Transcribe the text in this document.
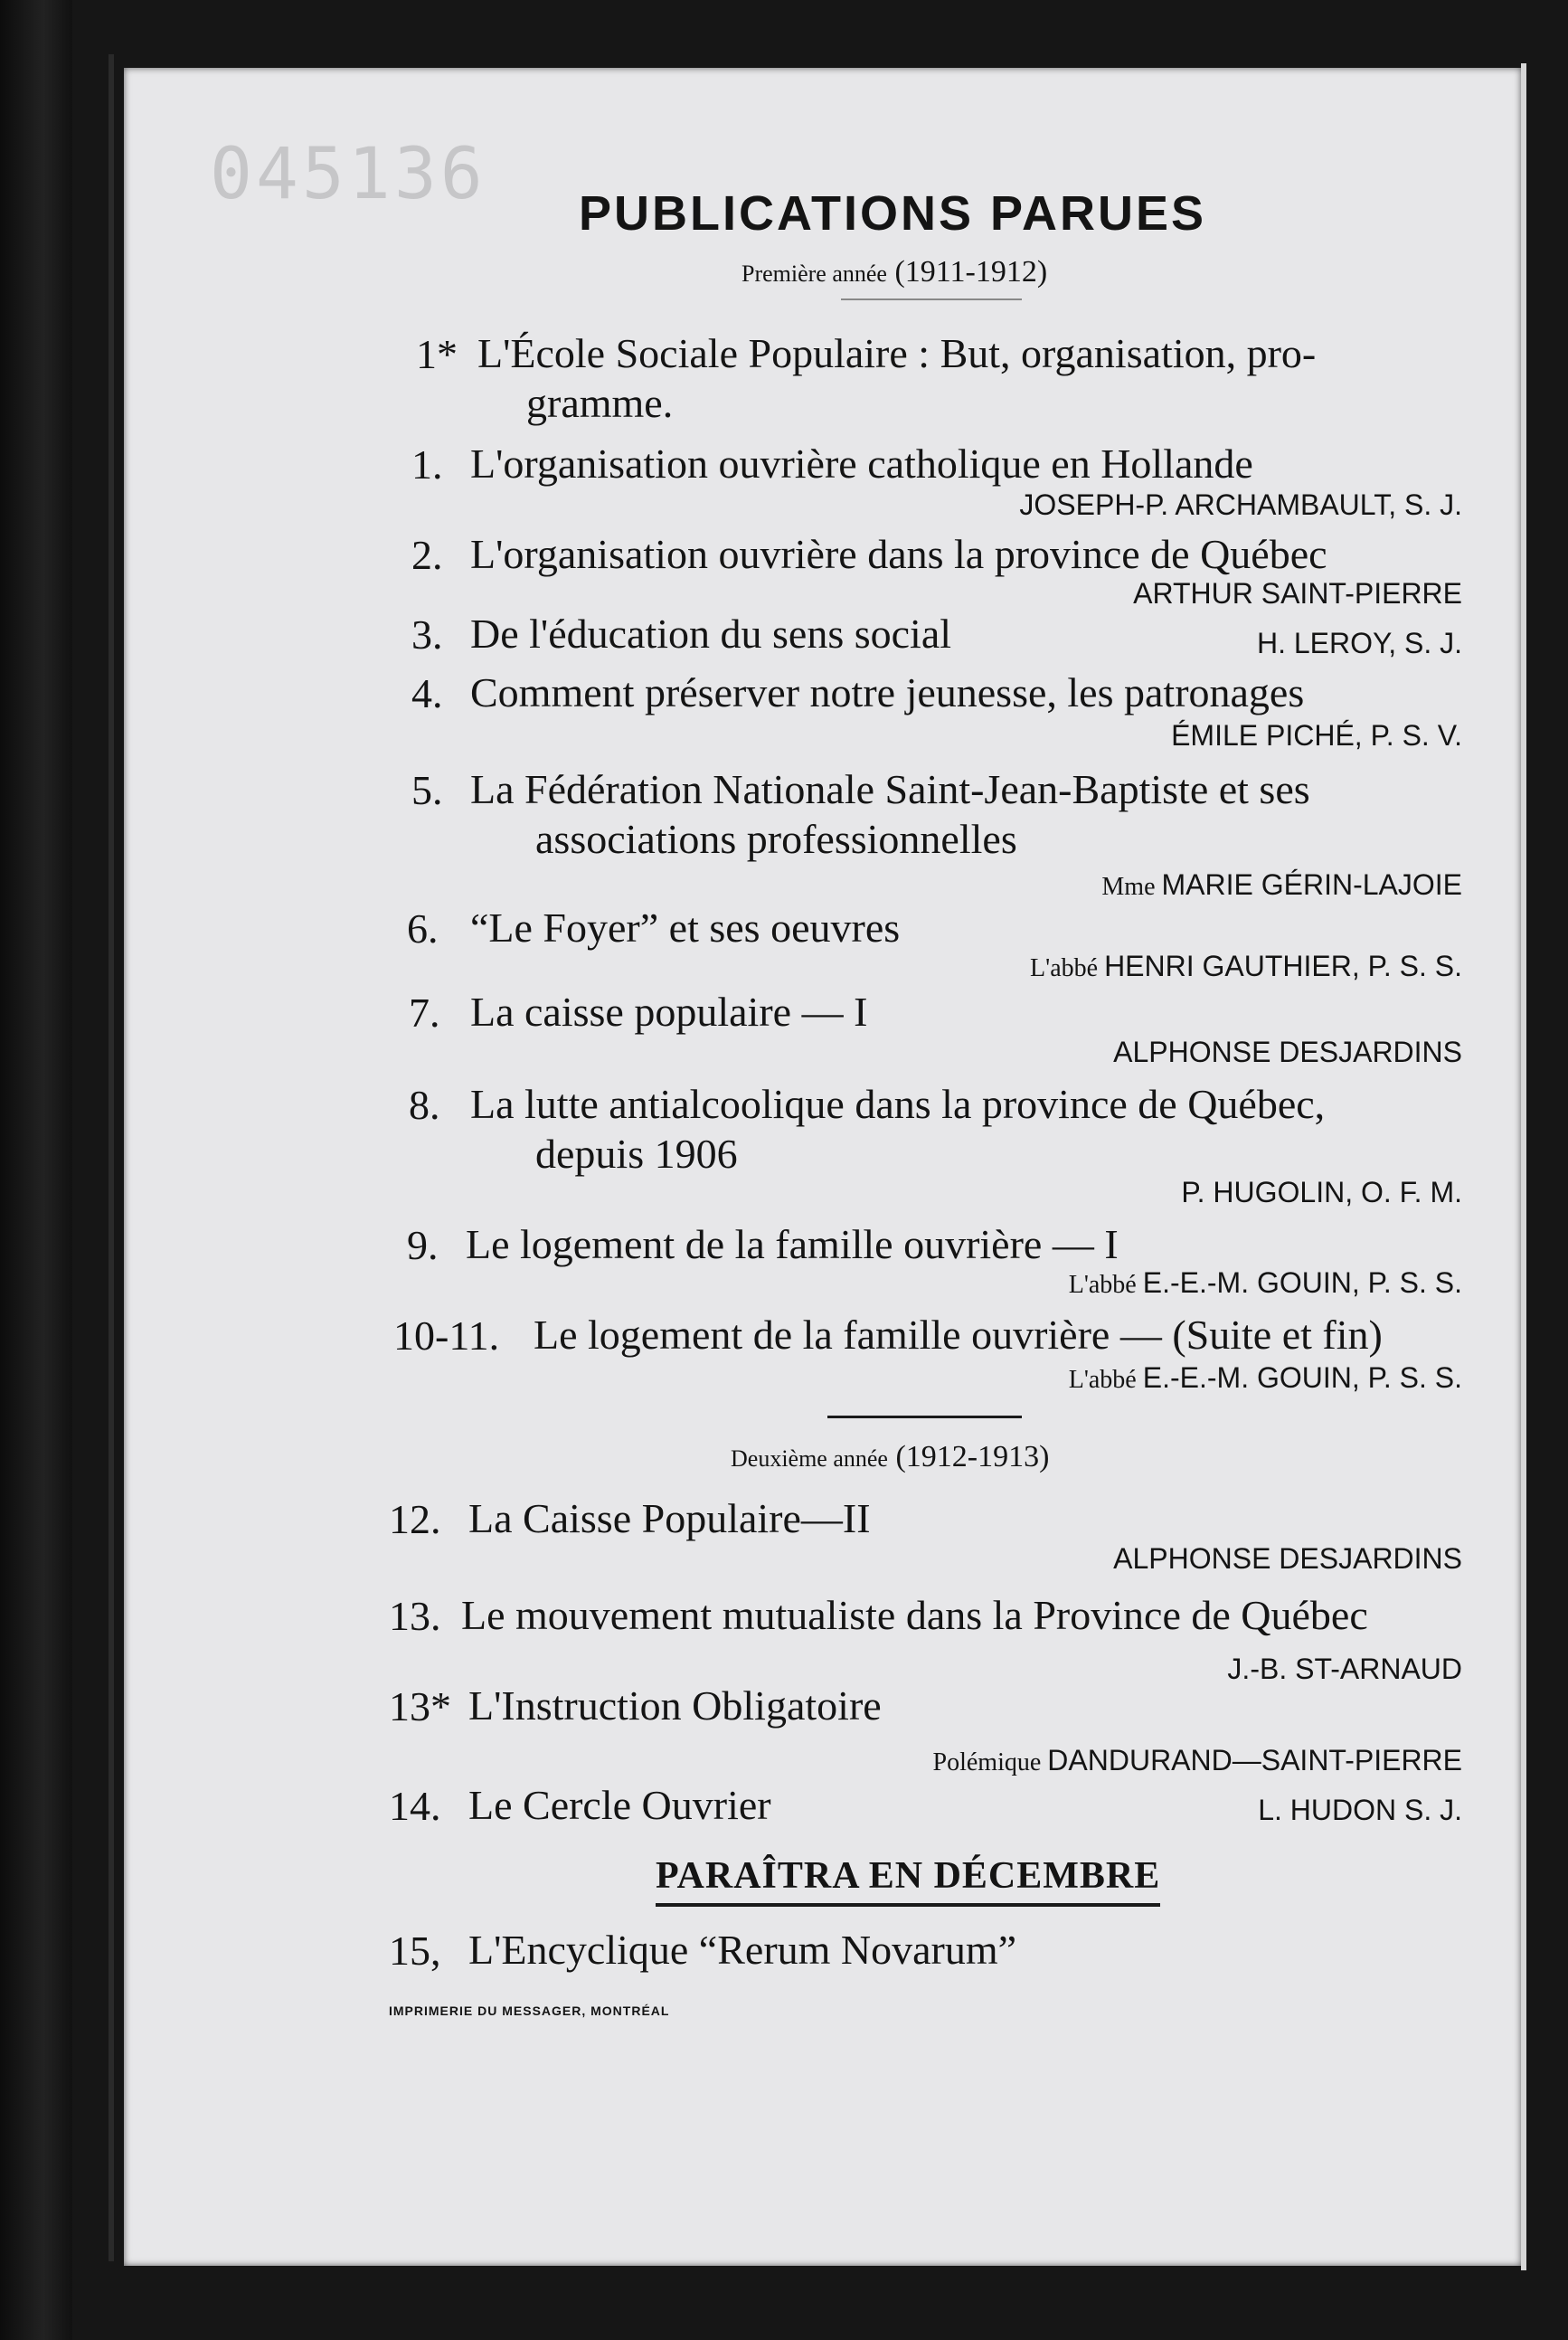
045136 PUBLICATIONS PARUES
Première année (1911-1912)
1* L'École Sociale Populaire : But, organisation, pro-
gramme.
1. L'organisation ouvrière catholique en Hollande
JOSEPH-P. ARCHAMBAULT, S. J.
2. L'organisation ouvrière dans la province de Québec
ARTHUR SAINT-PIERRE
3. De l'éducation du sens social	H. LEROY, S. J.
4. Comment préserver notre jeunesse, les patronages
ÉMILE PICHÉ, P. S. V.
5. La Fédération Nationale Saint-Jean-Baptiste et ses
associations professionnelles
Mme MARIE GÉRIN-LAJOIE
6. “Le Foyer” et ses oeuvres
L'abbé HENRI GAUTHIER, P. S. S.
7. La caisse populaire — I
ALPHONSE DESJARDINS
8. La lutte antialcoolique dans la province de Québec,
depuis 1906
P. HUGOLIN, O. F. M.
9. Le logement de la famille ouvrière — I
L'abbé E.-E.-M. GOUIN, P. S. S.
10-11. Le logement de la famille ouvrière — (Suite et fin)
L'abbé E.-E.-M. GOUIN, P. S. S.
12. La Caisse Populaire—II
ALPHONSE DESJARDINS
13. Le mouvement mutualiste dans la Province de Québec
J.-B. ST-ARNAUD
13* L'Instruction Obligatoire
Polémique DANDURAND—SAINT-PIERRE
14. Le Cercle Ouvrier	L. HUDON S. J.
Deuxième année (1912-1913)
PARAÎTRA EN DÉCEMBRE
15, L'Encyclique “Rerum Novarum”
IMPRIMERIE DU MESSAGER, MONTRÉAL
